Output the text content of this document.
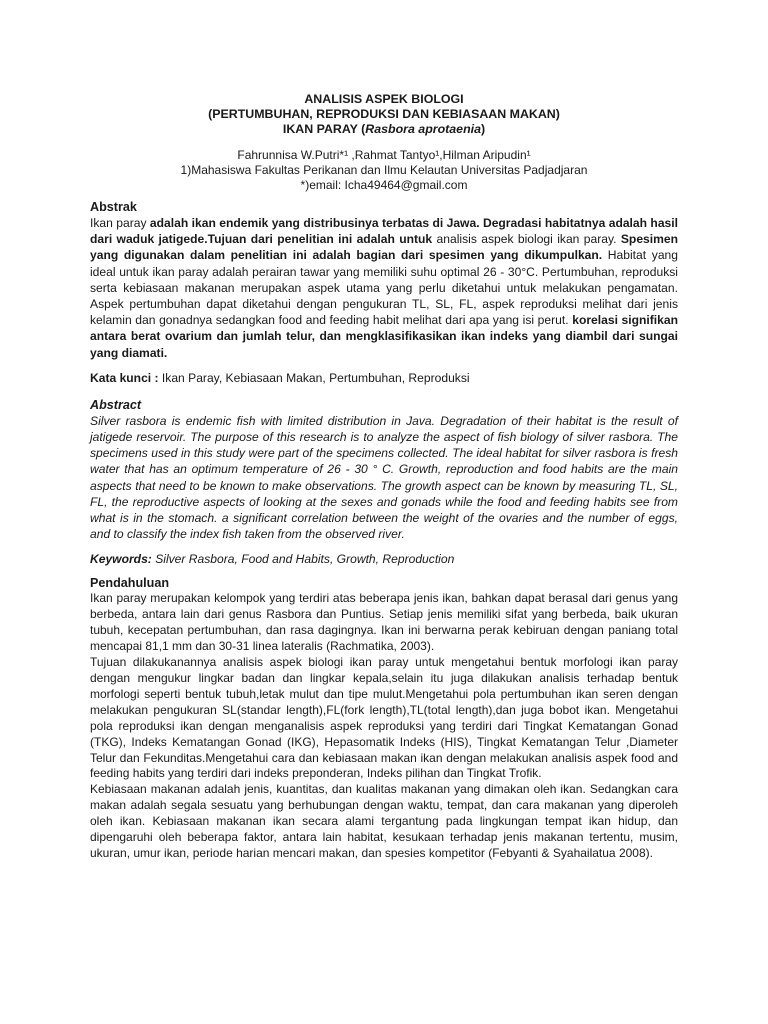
ANALISIS ASPEK BIOLOGI
(PERTUMBUHAN, REPRODUKSI DAN KEBIASAAN MAKAN)
IKAN PARAY (Rasbora aprotaenia)
Fahrunnisa W.Putri*¹ ,Rahmat Tantyo¹,Hilman Aripudin¹
1)Mahasiswa Fakultas Perikanan dan Ilmu Kelautan Universitas Padjadjaran
*)email: Icha49464@gmail.com
Abstrak
Ikan paray adalah ikan endemik yang distribusinya terbatas di Jawa. Degradasi habitatnya adalah hasil dari waduk jatigede.Tujuan dari penelitian ini adalah untuk analisis aspek biologi ikan paray. Spesimen yang digunakan dalam penelitian ini adalah bagian dari spesimen yang dikumpulkan. Habitat yang ideal untuk ikan paray adalah perairan tawar yang memiliki suhu optimal 26 - 30°C. Pertumbuhan, reproduksi serta kebiasaan makanan merupakan aspek utama yang perlu diketahui untuk melakukan pengamatan. Aspek pertumbuhan dapat diketahui dengan pengukuran TL, SL, FL, aspek reproduksi melihat dari jenis kelamin dan gonadnya sedangkan food and feeding habit melihat dari apa yang isi perut. korelasi signifikan antara berat ovarium dan jumlah telur, dan mengklasifikasikan ikan indeks yang diambil dari sungai yang diamati.
Kata kunci : Ikan Paray, Kebiasaan Makan, Pertumbuhan, Reproduksi
Abstract
Silver rasbora is endemic fish with limited distribution in Java. Degradation of their habitat is the result of jatigede reservoir. The purpose of this research is to analyze the aspect of fish biology of silver rasbora. The specimens used in this study were part of the specimens collected. The ideal habitat for silver rasbora is fresh water that has an optimum temperature of 26 - 30 ° C. Growth, reproduction and food habits are the main aspects that need to be known to make observations. The growth aspect can be known by measuring TL, SL, FL, the reproductive aspects of looking at the sexes and gonads while the food and feeding habits see from what is in the stomach. a significant correlation between the weight of the ovaries and the number of eggs, and to classify the index fish taken from the observed river.
Keywords: Silver Rasbora, Food and Habits, Growth, Reproduction
Pendahuluan
Ikan paray merupakan kelompok yang terdiri atas beberapa jenis ikan, bahkan dapat berasal dari genus yang berbeda, antara lain dari genus Rasbora dan Puntius. Setiap jenis memiliki sifat yang berbeda, baik ukuran tubuh, kecepatan pertumbuhan, dan rasa dagingnya. Ikan ini berwarna perak kebiruan dengan paniang total mencapai 81,1 mm dan 30-31 linea lateralis (Rachmatika, 2003).
Tujuan dilakukanannya analisis aspek biologi ikan paray untuk mengetahui bentuk morfologi ikan paray dengan mengukur lingkar badan dan lingkar kepala,selain itu juga dilakukan analisis terhadap bentuk morfologi seperti bentuk tubuh,letak mulut dan tipe mulut.Mengetahui pola pertumbuhan ikan seren dengan melakukan pengukuran SL(standar length),FL(fork length),TL(total length),dan juga bobot ikan. Mengetahui pola reproduksi ikan dengan menganalisis aspek reproduksi yang terdiri dari Tingkat Kematangan Gonad (TKG), Indeks Kematangan Gonad (IKG), Hepasomatik Indeks (HIS), Tingkat Kematangan Telur ,Diameter Telur dan Fekunditas.Mengetahui cara dan kebiasaan makan ikan dengan melakukan analisis aspek food and feeding habits yang terdiri dari indeks preponderan, Indeks pilihan dan Tingkat Trofik.
Kebiasaan makanan adalah jenis, kuantitas, dan kualitas makanan yang dimakan oleh ikan. Sedangkan cara makan adalah segala sesuatu yang berhubungan dengan waktu, tempat, dan cara makanan yang diperoleh oleh ikan. Kebiasaan makanan ikan secara alami tergantung pada lingkungan tempat ikan hidup, dan dipengaruhi oleh beberapa faktor, antara lain habitat, kesukaan terhadap jenis makanan tertentu, musim, ukuran, umur ikan, periode harian mencari makan, dan spesies kompetitor (Febyanti & Syahailatua 2008).
